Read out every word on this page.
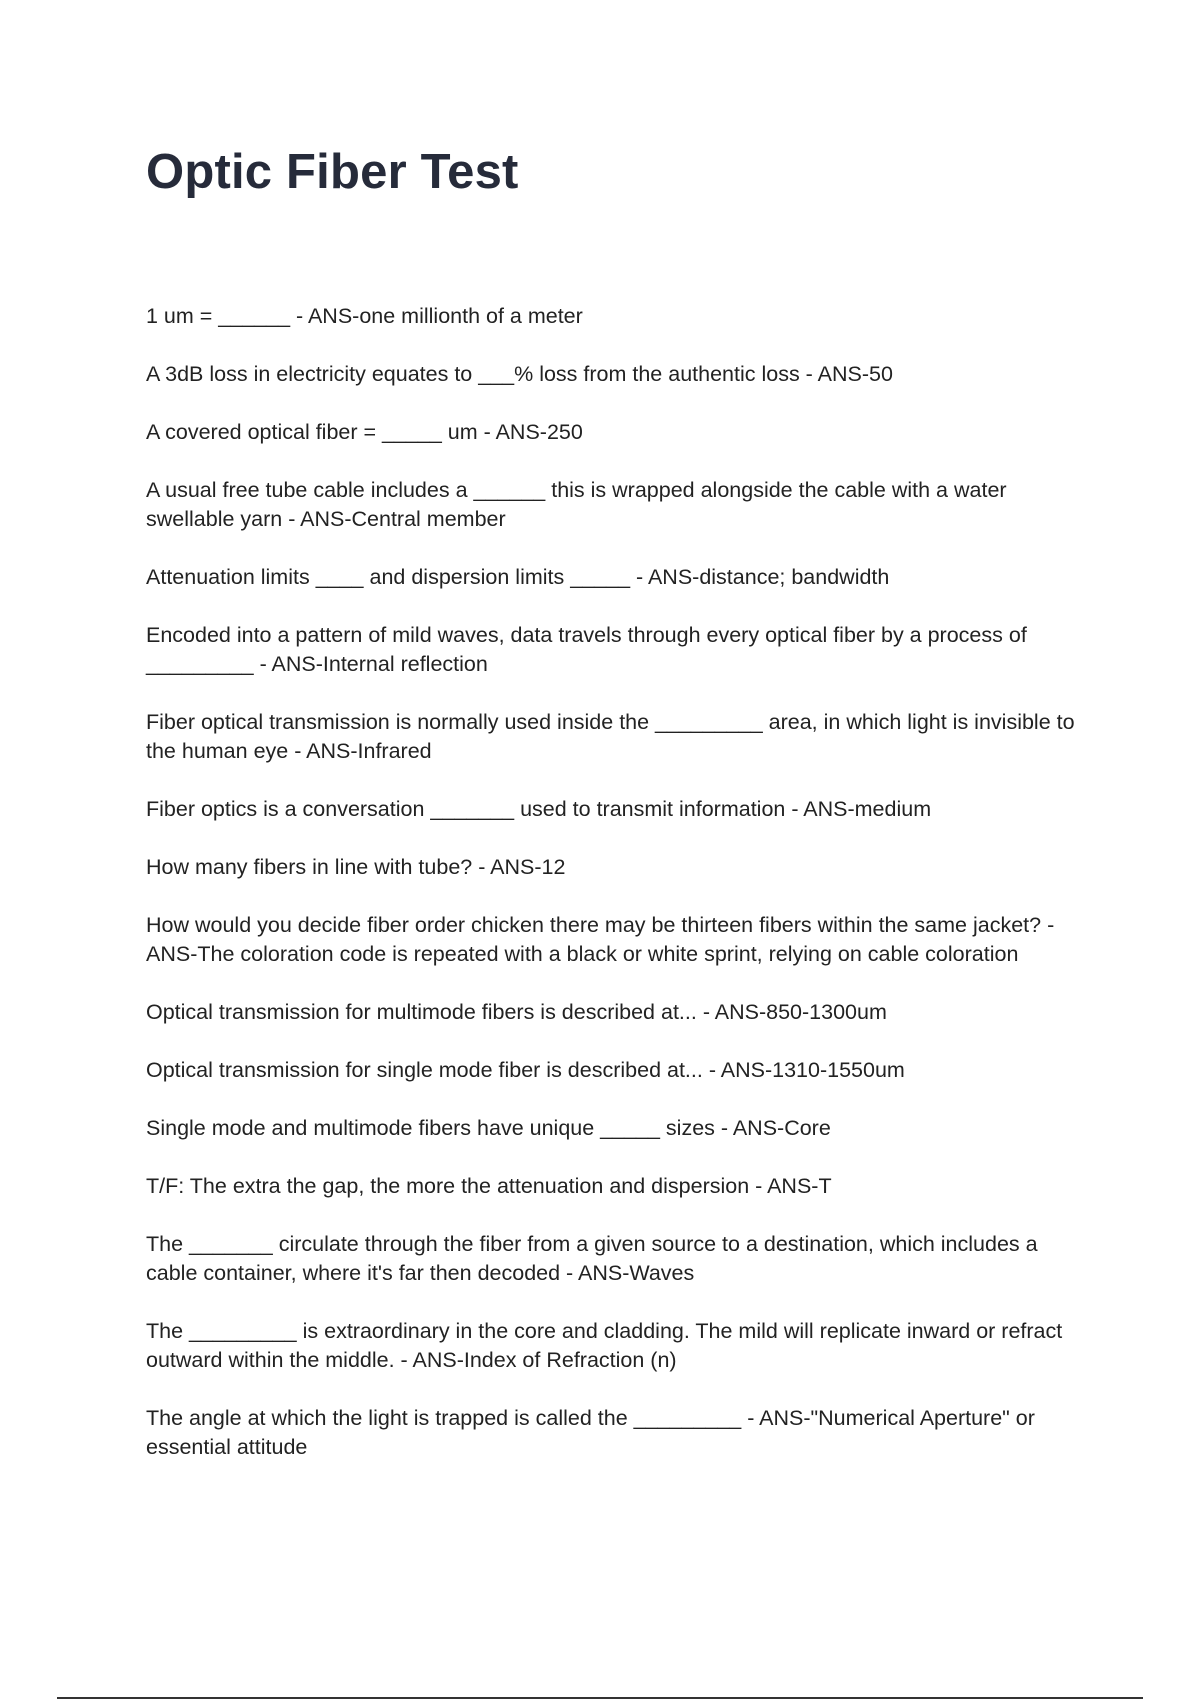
Optic Fiber Test
1 um = ______ - ANS-one millionth of a meter
A 3dB loss in electricity equates to ___% loss from the authentic loss - ANS-50
A covered optical fiber = _____ um - ANS-250
A usual free tube cable includes a ______ this is wrapped alongside the cable with a water swellable yarn - ANS-Central member
Attenuation limits ____ and dispersion limits _____ - ANS-distance; bandwidth
Encoded into a pattern of mild waves, data travels through every optical fiber by a process of _________ - ANS-Internal reflection
Fiber optical transmission is normally used inside the _________ area, in which light is invisible to the human eye - ANS-Infrared
Fiber optics is a conversation _______ used to transmit information - ANS-medium
How many fibers in line with tube? - ANS-12
How would you decide fiber order chicken there may be thirteen fibers within the same jacket? - ANS-The coloration code is repeated with a black or white sprint, relying on cable coloration
Optical transmission for multimode fibers is described at... - ANS-850-1300um
Optical transmission for single mode fiber is described at... - ANS-1310-1550um
Single mode and multimode fibers have unique _____ sizes - ANS-Core
T/F: The extra the gap, the more the attenuation and dispersion - ANS-T
The _______ circulate through the fiber from a given source to a destination, which includes a cable container, where it's far then decoded - ANS-Waves
The _________ is extraordinary in the core and cladding. The mild will replicate inward or refract outward within the middle. - ANS-Index of Refraction (n)
The angle at which the light is trapped is called the _________ - ANS-"Numerical Aperture" or essential attitude
